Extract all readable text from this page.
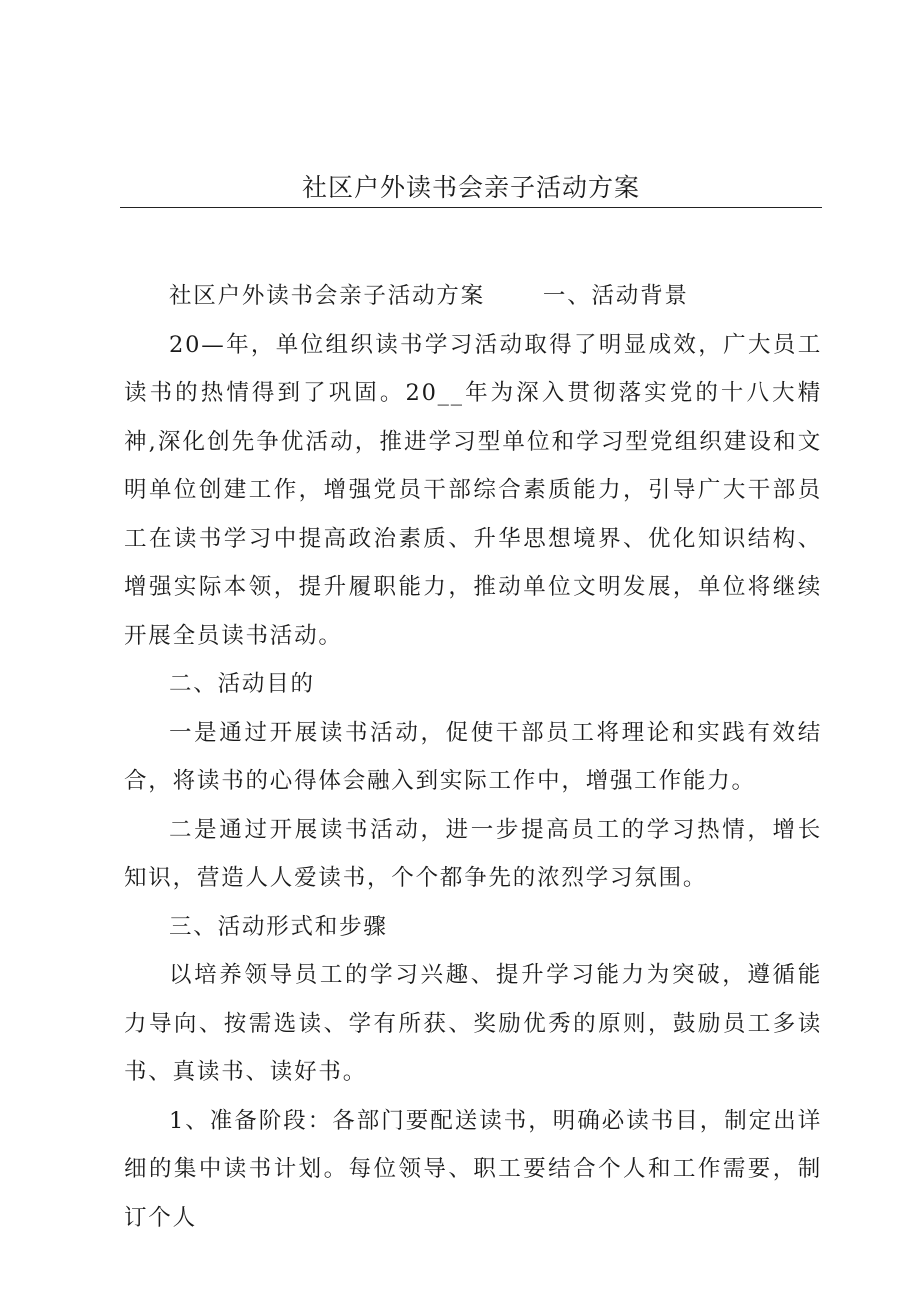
社区户外读书会亲子活动方案

社区户外读书会亲子活动方案	一、活动背景

20—年，单位组织读书学习活动取得了明显成效，广大员工读书的热情得到了巩固。20__年为深入贯彻落实党的十八大精神,深化创先争优活动，推进学习型单位和学习型党组织建设和文明单位创建工作，增强党员干部综合素质能力，引导广大干部员工在读书学习中提高政治素质、升华思想境界、优化知识结构、增强实际本领，提升履职能力，推动单位文明发展，单位将继续开展全员读书活动。

二、活动目的

一是通过开展读书活动，促使干部员工将理论和实践有效结合，将读书的心得体会融入到实际工作中，增强工作能力。

二是通过开展读书活动，进一步提高员工的学习热情，增长知识，营造人人爱读书，个个都争先的浓烈学习氛围。

三、活动形式和步骤

以培养领导员工的学习兴趣、提升学习能力为突破，遵循能力导向、按需选读、学有所获、奖励优秀的原则，鼓励员工多读书、真读书、读好书。

1、准备阶段：各部门要配送读书，明确必读书目，制定出详细的集中读书计划。每位领导、职工要结合个人和工作需要，制订个人
